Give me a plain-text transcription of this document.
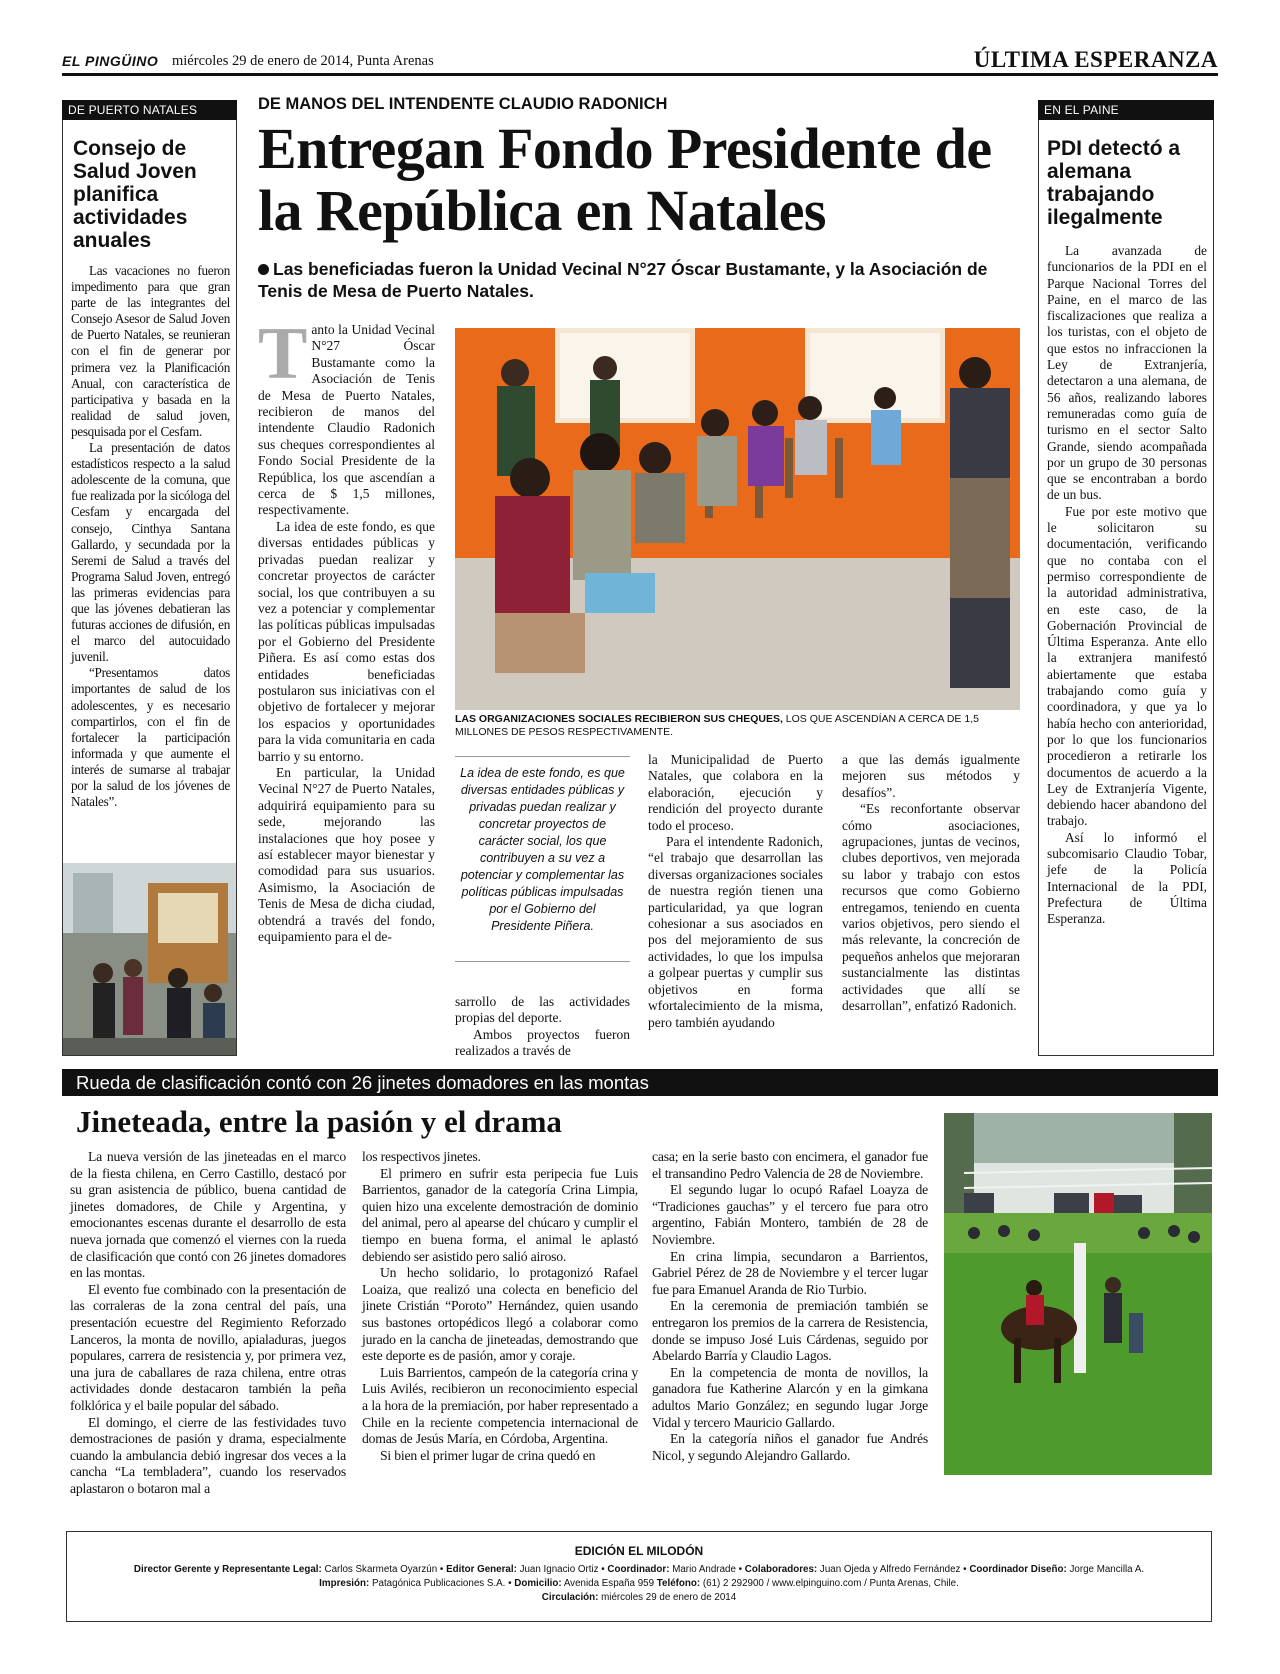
EL PINGÜINO miércoles 29 de enero de 2014, Punta Arenas	ÚLTIMA ESPERANZA
DE PUERTO NATALES
Consejo de Salud Joven planifica actividades anuales

Las vacaciones no fueron impedimento para que gran parte de las integrantes del Consejo Asesor de Salud Joven de Puerto Natales, se reunieran con el fin de generar por primera vez la Planificación Anual, con característica de participativa y basada en la realidad de salud joven, pesquisada por el Cesfam.

La presentación de datos estadísticos respecto a la salud adolescente de la comuna, que fue realizada por la sicóloga del Cesfam y encargada del consejo, Cinthya Santana Gallardo, y secundada por la Seremi de Salud a través del Programa Salud Joven, entregó las primeras evidencias para que las jóvenes debatieran las futuras acciones de difusión, en el marco del autocuidado juvenil.

“Presentamos datos importantes de salud de los adolescentes, y es necesario compartirlos, con el fin de fortalecer la participación informada y que aumente el interés de sumarse al trabajar por la salud de los jóvenes de Natales”.

DE MANOS DEL INTENDENTE CLAUDIO RADONICH
Entregan Fondo Presidente de la República en Natales
Las beneficiadas fueron la Unidad Vecinal N°27 Óscar Bustamante, y la Asociación de Tenis de Mesa de Puerto Natales.
T anto la Unidad Vecinal N°27 Óscar Bustamante como la Asociación de Tenis de Mesa de Puerto Natales, recibieron de manos del intendente Claudio Radonich sus cheques correspondientes al Fondo Social Presidente de la República, los que ascendían a cerca de $ 1,5 millones, respectivamente.

La idea de este fondo, es que diversas entidades públicas y privadas puedan realizar y concretar proyectos de carácter social, los que contribuyen a su vez a potenciar y complementar las políticas públicas impulsadas por el Gobierno del Presidente Piñera. Es así como estas dos entidades beneficiadas postularon sus iniciativas con el objetivo de fortalecer y mejorar los espacios y oportunidades para la vida comunitaria en cada barrio y su entorno.

En particular, la Unidad Vecinal N°27 de Puerto Natales, adquirirá equipamiento para su sede, mejorando las instalaciones que hoy posee y así establecer mayor bienestar y comodidad para sus usuarios. Asimismo, la Asociación de Tenis de Mesa de dicha ciudad, obtendrá a través del fondo, equipamiento para el de-

LAS ORGANIZACIONES SOCIALES RECIBIERON SUS CHEQUES, LOS QUE ASCENDÍAN A CERCA DE 1,5 MILLONES DE PESOS RESPECTIVAMENTE.
La idea de este fondo, es que diversas entidades públicas y privadas puedan realizar y concretar proyectos de carácter social, los que contribuyen a su vez a potenciar y complementar las políticas públicas impulsadas por el Gobierno del Presidente Piñera.

sarrollo de las actividades propias del deporte.

Ambos proyectos fueron realizados a través de

la Municipalidad de Puerto Natales, que colabora en la elaboración, ejecución y rendición del proyecto durante todo el proceso.

Para el intendente Radonich, “el trabajo que desarrollan las diversas organizaciones sociales de nuestra región tienen una particularidad, ya que logran cohesionar a sus asociados en pos del mejoramiento de sus actividades, lo que los impulsa a golpear puertas y cumplir sus objetivos en forma wfortalecimiento de la misma, pero también ayudando

a que las demás igualmente mejoren sus métodos y desafíos”.

“Es reconfortante observar cómo asociaciones, agrupaciones, juntas de vecinos, clubes deportivos, ven mejorada su labor y trabajo con estos recursos que como Gobierno entregamos, teniendo en cuenta varios objetivos, pero siendo el más relevante, la concreción de pequeños anhelos que mejoraran sustancialmente las distintas actividades que allí se desarrollan”, enfatizó Radonich.

EN EL PAINE
PDI detectó a alemana trabajando ilegalmente

La avanzada de funcionarios de la PDI en el Parque Nacional Torres del Paine, en el marco de las fiscalizaciones que realiza a los turistas, con el objeto de que estos no infraccionen la Ley de Extranjería, detectaron a una alemana, de 56 años, realizando labores remuneradas como guía de turismo en el sector Salto Grande, siendo acompañada por un grupo de 30 personas que se encontraban a bordo de un bus.

Fue por este motivo que le solicitaron su documentación, verificando que no contaba con el permiso correspondiente de la autoridad administrativa, en este caso, de la Gobernación Provincial de Última Esperanza. Ante ello la extranjera manifestó abiertamente que estaba trabajando como guía y coordinadora, y que ya lo había hecho con anterioridad, por lo que los funcionarios procedieron a retirarle los documentos de acuerdo a la Ley de Extranjería Vigente, debiendo hacer abandono del trabajo.

Así lo informó el subcomisario Claudio Tobar, jefe de la Policía Internacional de la PDI, Prefectura de Última Esperanza.

Rueda de clasificación contó con 26 jinetes domadores en las montas
Jineteada, entre la pasión y el drama

La nueva versión de las jineteadas en el marco de la fiesta chilena, en Cerro Castillo, destacó por su gran asistencia de público, buena cantidad de jinetes domadores, de Chile y Argentina, y emocionantes escenas durante el desarrollo de esta nueva jornada que comenzó el viernes con la rueda de clasificación que contó con 26 jinetes domadores en las montas.

El evento fue combinado con la presentación de las corraleras de la zona central del país, una presentación ecuestre del Regimiento Reforzado Lanceros, la monta de novillo, apialaduras, juegos populares, carrera de resistencia y, por primera vez, una jura de caballares de raza chilena, entre otras actividades donde destacaron también la peña folklórica y el baile popular del sábado.

El domingo, el cierre de las festividades tuvo demostraciones de pasión y drama, especialmente cuando la ambulancia debió ingresar dos veces a la cancha “La tembladera”, cuando los reservados aplastaron o botaron mal a

los respectivos jinetes.

El primero en sufrir esta peripecia fue Luis Barrientos, ganador de la categoría Crina Limpia, quien hizo una excelente demostración de dominio del animal, pero al apearse del chúcaro y cumplir el tiempo en buena forma, el animal le aplastó debiendo ser asistido pero salió airoso.

Un hecho solidario, lo protagonizó Rafael Loaiza, que realizó una colecta en beneficio del jinete Cristián “Poroto” Hernández, quien usando sus bastones ortopédicos llegó a colaborar como jurado en la cancha de jineteadas, demostrando que este deporte es de pasión, amor y coraje.

Luis Barrientos, campeón de la categoría crina y Luis Avilés, recibieron un reconocimiento especial a la hora de la premiación, por haber representado a Chile en la reciente competencia internacional de domas de Jesús María, en Córdoba, Argentina.

Si bien el primer lugar de crina quedó en

casa; en la serie basto con encimera, el ganador fue el transandino Pedro Valencia de 28 de Noviembre.

El segundo lugar lo ocupó Rafael Loayza de “Tradiciones gauchas” y el tercero fue para otro argentino, Fabián Montero, también de 28 de Noviembre.

En crina limpia, secundaron a Barrientos, Gabriel Pérez de 28 de Noviembre y el tercer lugar fue para Emanuel Aranda de Rio Turbio.

En la ceremonia de premiación también se entregaron los premios de la carrera de Resistencia, donde se impuso José Luis Cárdenas, seguido por Abelardo Barría y Claudio Lagos.

En la competencia de monta de novillos, la ganadora fue Katherine Alarcón y en la gimkana adultos Mario González; en segundo lugar Jorge Vidal y tercero Mauricio Gallardo.

En la categoría niños el ganador fue Andrés Nicol, y segundo Alejandro Gallardo.

EDICIÓN EL MILODÓN
Director Gerente y Representante Legal: Carlos Skarmeta Oyarzún • Editor General: Juan Ignacio Ortiz • Coordinador: Mario Andrade • Colaboradores: Juan Ojeda y Alfredo Fernández • Coordinador Diseño: Jorge Mancilla A.
Impresión: Patagónica Publicaciones S.A. • Domicilio: Avenida España 959 Teléfono: (61) 2 292900 / www.elpinguino.com / Punta Arenas, Chile.
Circulación: miércoles 29 de enero de 2014
